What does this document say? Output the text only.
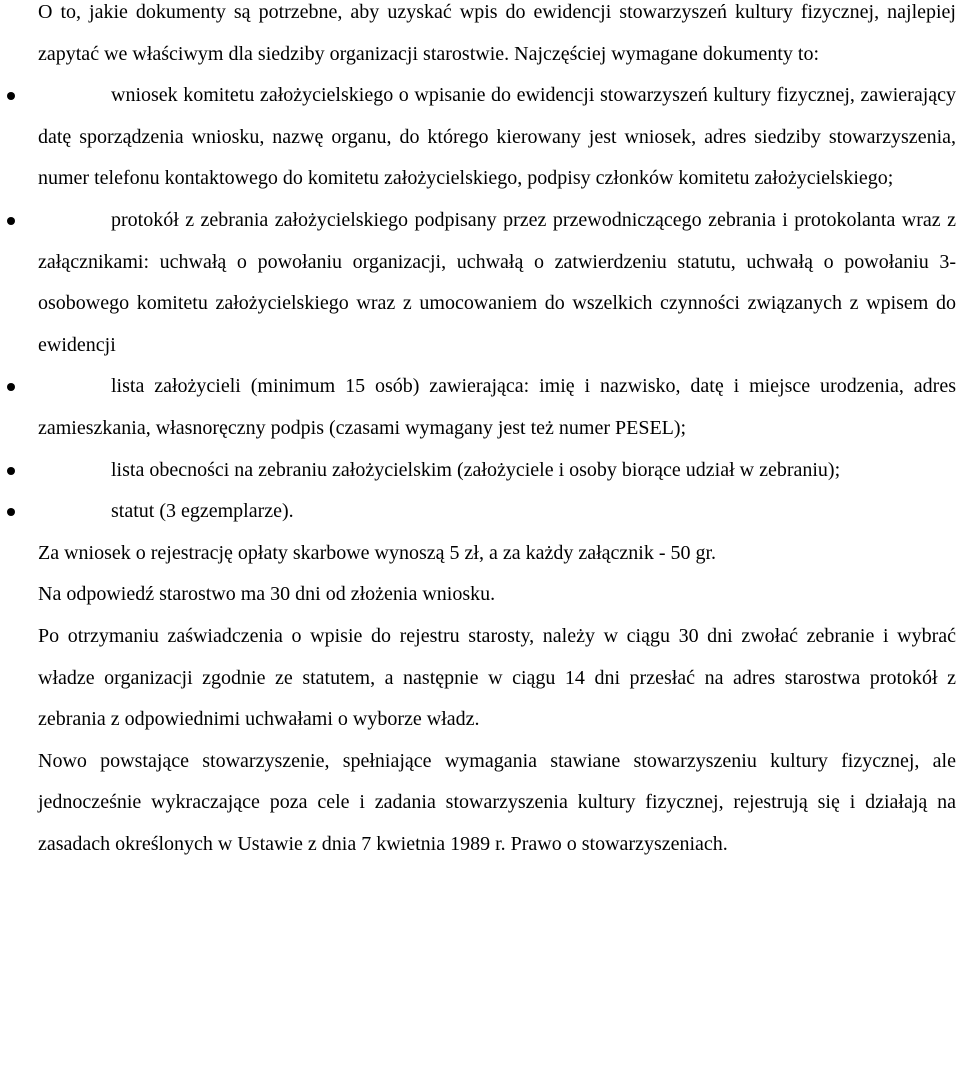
O to, jakie dokumenty są potrzebne, aby uzyskać wpis do ewidencji stowarzyszeń kultury fizycznej, najlepiej zapytać we właściwym dla siedziby organizacji starostwie. Najczęściej wymagane dokumenty to:

wniosek komitetu założycielskiego o wpisanie do ewidencji stowarzyszeń kultury fizycznej, zawierający datę sporządzenia wniosku, nazwę organu, do którego kierowany jest wniosek, adres siedziby stowarzyszenia, numer telefonu kontaktowego do komitetu założycielskiego, podpisy członków komitetu założycielskiego;

protokół z zebrania założycielskiego podpisany przez przewodniczącego zebrania i protokolanta wraz z załącznikami: uchwałą o powołaniu organizacji, uchwałą o zatwierdzeniu statutu, uchwałą o powołaniu 3-osobowego komitetu założycielskiego wraz z umocowaniem do wszelkich czynności związanych z wpisem do ewidencji

lista założycieli (minimum 15 osób) zawierająca: imię i nazwisko, datę i miejsce urodzenia, adres zamieszkania, własnoręczny podpis (czasami wymagany jest też numer PESEL);

lista obecności na zebraniu założycielskim (założyciele i osoby biorące udział w zebraniu);

statut (3 egzemplarze).

Za wniosek o rejestrację opłaty skarbowe wynoszą 5 zł, a za każdy załącznik - 50 gr.

Na odpowiedź starostwo ma 30 dni od złożenia wniosku.

Po otrzymaniu zaświadczenia o wpisie do rejestru starosty, należy w ciągu 30 dni zwołać zebranie i wybrać władze organizacji zgodnie ze statutem, a następnie w ciągu 14 dni przesłać na adres starostwa protokół z zebrania z odpowiednimi uchwałami o wyborze władz.

Nowo powstające stowarzyszenie, spełniające wymagania stawiane stowarzyszeniu kultury fizycznej, ale jednocześnie wykraczające poza cele i zadania stowarzyszenia kultury fizycznej, rejestrują się i działają na zasadach określonych w Ustawie z dnia 7 kwietnia 1989 r. Prawo o stowarzyszeniach.
